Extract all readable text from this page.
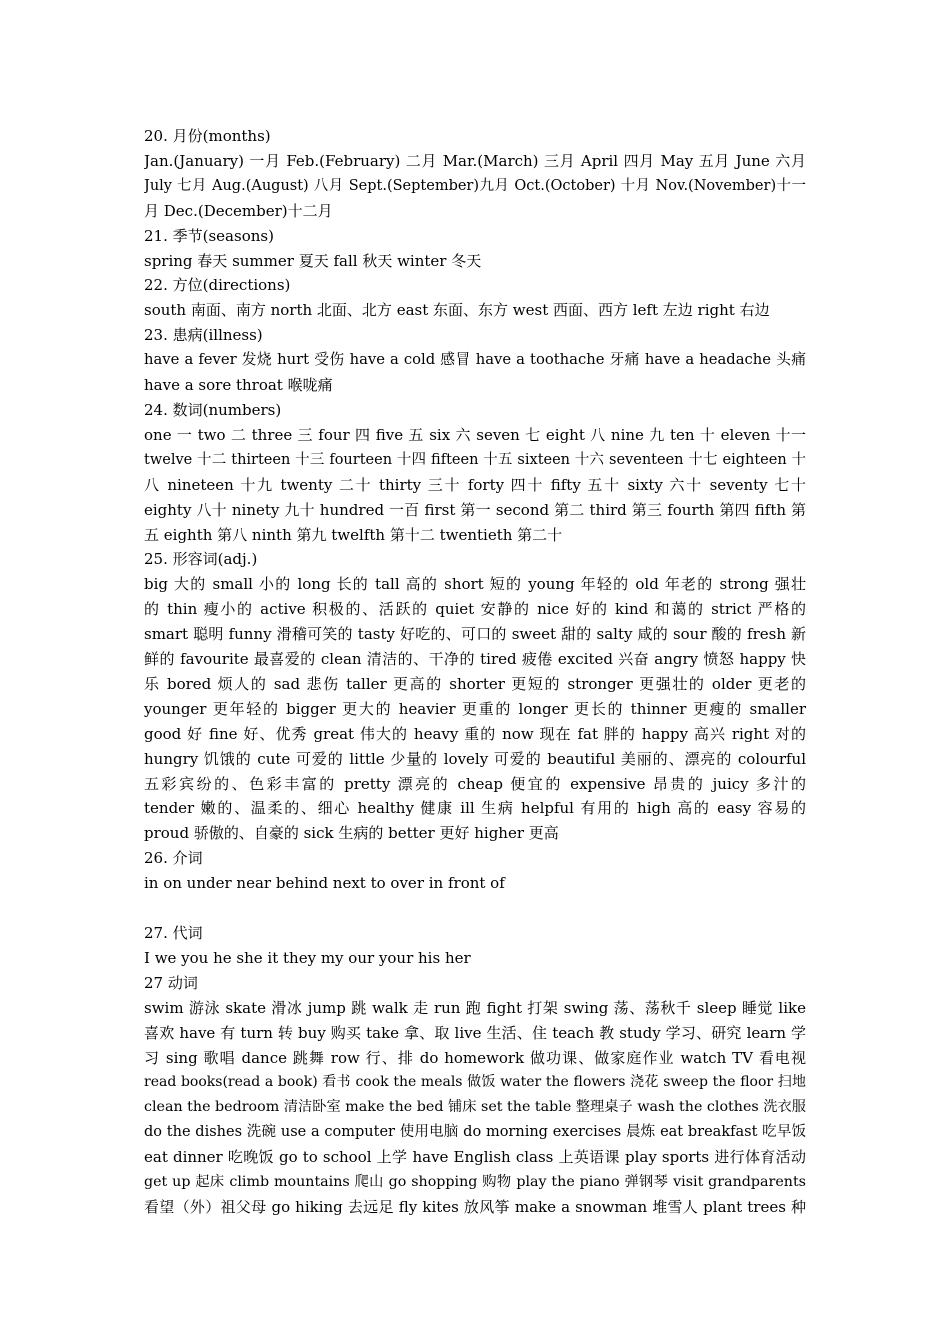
20. 月份(months)
Jan.(January) 一月 Feb.(February) 二月 Mar.(March) 三月 April 四月 May 五月 June 六月
July 七月 Aug.(August) 八月 Sept.(September)九月 Oct.(October) 十月 Nov.(November)十一
月 Dec.(December)十二月
21. 季节(seasons)
spring 春天 summer 夏天 fall 秋天 winter 冬天
22. 方位(directions)
south 南面、南方 north 北面、北方 east 东面、东方 west 西面、西方 left 左边 right 右边
23. 患病(illness)
have a fever 发烧 hurt 受伤 have a cold 感冒 have a toothache 牙痛 have a headache 头痛
have a sore throat 喉咙痛
24. 数词(numbers)
one 一 two 二 three 三 four 四 five 五 six 六 seven 七 eight 八 nine 九 ten 十 eleven 十一
twelve 十二 thirteen 十三 fourteen 十四 fifteen 十五 sixteen 十六 seventeen 十七 eighteen 十
八 nineteen 十九 twenty 二十 thirty 三十 forty 四十 fifty 五十 sixty 六十 seventy 七十
eighty 八十 ninety 九十 hundred 一百 first 第一 second 第二 third 第三 fourth 第四 fifth 第
五 eighth 第八 ninth 第九 twelfth 第十二 twentieth 第二十
25. 形容词(adj.)
big 大的 small 小的 long 长的 tall 高的 short 短的 young 年轻的 old 年老的 strong 强壮
的 thin 瘦小的 active 积极的、活跃的 quiet 安静的 nice 好的 kind 和蔼的 strict 严格的
smart 聪明 funny 滑稽可笑的 tasty 好吃的、可口的 sweet 甜的 salty 咸的 sour 酸的 fresh 新
鲜的 favourite 最喜爱的 clean 清洁的、干净的 tired 疲倦 excited 兴奋 angry 愤怒 happy 快
乐 bored 烦人的 sad 悲伤 taller 更高的 shorter 更短的 stronger 更强壮的 older 更老的
younger 更年轻的 bigger 更大的 heavier 更重的 longer 更长的 thinner 更瘦的 smaller
good 好 fine 好、优秀 great 伟大的 heavy 重的 now 现在 fat 胖的 happy 高兴 right 对的
hungry 饥饿的 cute 可爱的 little 少量的 lovely 可爱的 beautiful 美丽的、漂亮的 colourful
五彩宾纷的、色彩丰富的 pretty 漂亮的 cheap 便宜的 expensive 昂贵的 juicy 多汁的
tender 嫩的、温柔的、细心 healthy 健康 ill 生病 helpful 有用的 high 高的 easy 容易的
proud 骄傲的、自豪的 sick 生病的 better 更好 higher 更高
26. 介词
in on under near behind next to over in front of
27. 代词
I we you he she it they my our your his her
27 动词
swim 游泳 skate 滑冰 jump 跳 walk 走 run 跑 fight 打架 swing 荡、荡秋千 sleep 睡觉 like
喜欢 have 有 turn 转 buy 购买 take 拿、取 live 生活、住 teach 教 study 学习、研究 learn 学
习 sing 歌唱 dance 跳舞 row 行、排 do homework 做功课、做家庭作业 watch TV 看电视
read books(read a book) 看书 cook the meals 做饭 water the flowers 浇花 sweep the floor 扫地
clean the bedroom 清洁卧室 make the bed 铺床 set the table 整理桌子 wash the clothes 洗衣服
do the dishes 洗碗 use a computer 使用电脑 do morning exercises 晨炼 eat breakfast 吃早饭
eat dinner 吃晚饭 go to school 上学 have English class 上英语课 play sports 进行体育活动
get up 起床 climb mountains 爬山 go shopping 购物 play the piano 弹钢琴 visit grandparents
看望（外）祖父母 go hiking 去远足 fly kites 放风筝 make a snowman 堆雪人 plant trees 种
